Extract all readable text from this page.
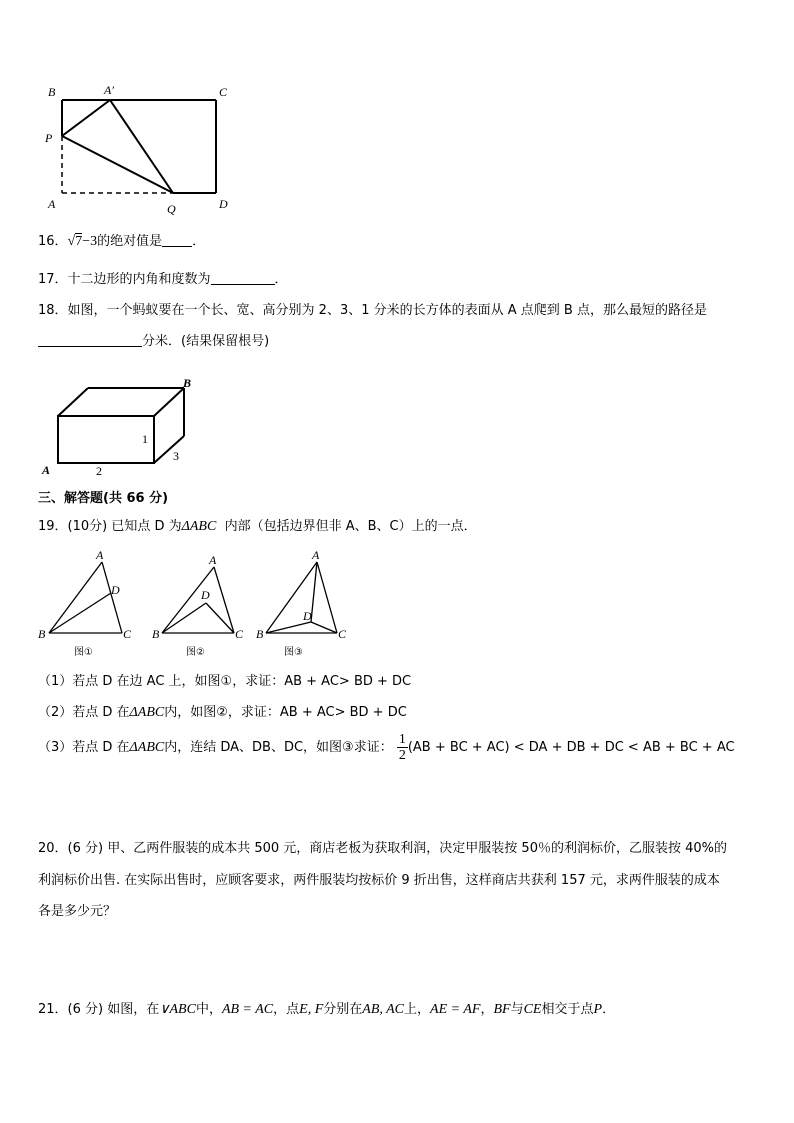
B	A′	C
P
A	Q	D
16．√7−3的绝对值是 ．
17．十二边形的内角和度数为	．
18．如图，一个蚂蚁要在一个长、宽、高分别为 2、3、1 分米的长方体的表面从 A 点爬到 B 点，那么最短的路径是
分米．(结果保留根号)
B
A	2
1
3
三、解答题(共 66 分)
19．(10分) 已知点 D 为ΔABC 内部（包括边界但非 A、B、C）上的一点．
A
D
B	C
图①
A
D
B	C
图②
A
D
B	C
图③
（1）若点 D 在边 AC 上，如图①，求证：AB + AC> BD + DC
（2）若点 D 在ΔABC内，如图②，求证：AB + AC> BD + DC
（3）若点 D 在ΔABC内，连结 DA、DB、DC，如图③求证： $\frac{1}{2} (AB$ + BC + AC) < DA + DB + DC < AB + BC + AC
20．(6 分) 甲、乙两件服装的成本共 500 元，商店老板为获取利润，决定甲服装按 50％的利润标价，乙服装按 40%的
利润标价出售. 在实际出售时，应顾客要求，两件服装均按标价 9 折出售，这样商店共获利 157 元，求两件服装的成本
各是多少元？
21．(6 分) 如图，在∨ABC中，AB = AC，点E, F分别在AB, AC上，AE = AF，BF与CE相交于点P．
